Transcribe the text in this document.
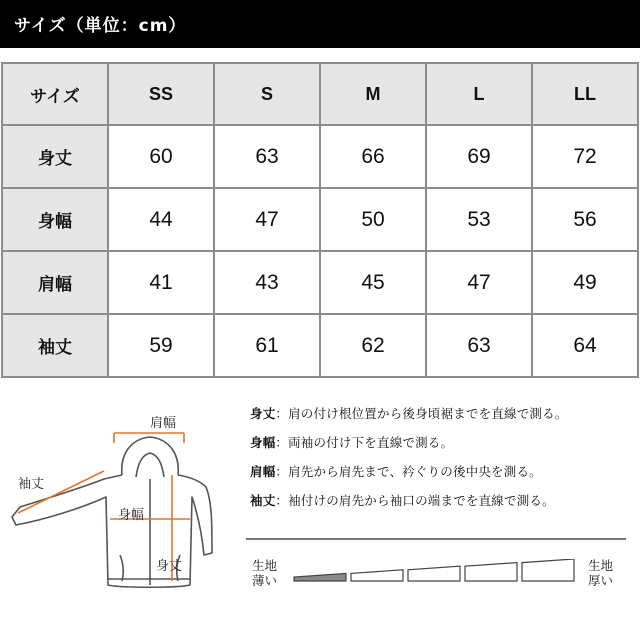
サイズ（単位：cm）
サイズ	SS	S	M	L	LL
身丈	60	63	66	69	72
身幅	44	47	50	53	56
肩幅	41	43	45	47	49
袖丈	59	61	62	63	64
肩幅
袖丈
身幅
身丈
身丈：肩の付け根位置から後身頃裾までを直線で測る。
身幅：両袖の付け下を直線で測る。
肩幅：肩先から肩先まで、衿ぐりの後中央を測る。
袖丈：袖付けの肩先から袖口の端までを直線で測る。
生地
薄い
生地
厚い
